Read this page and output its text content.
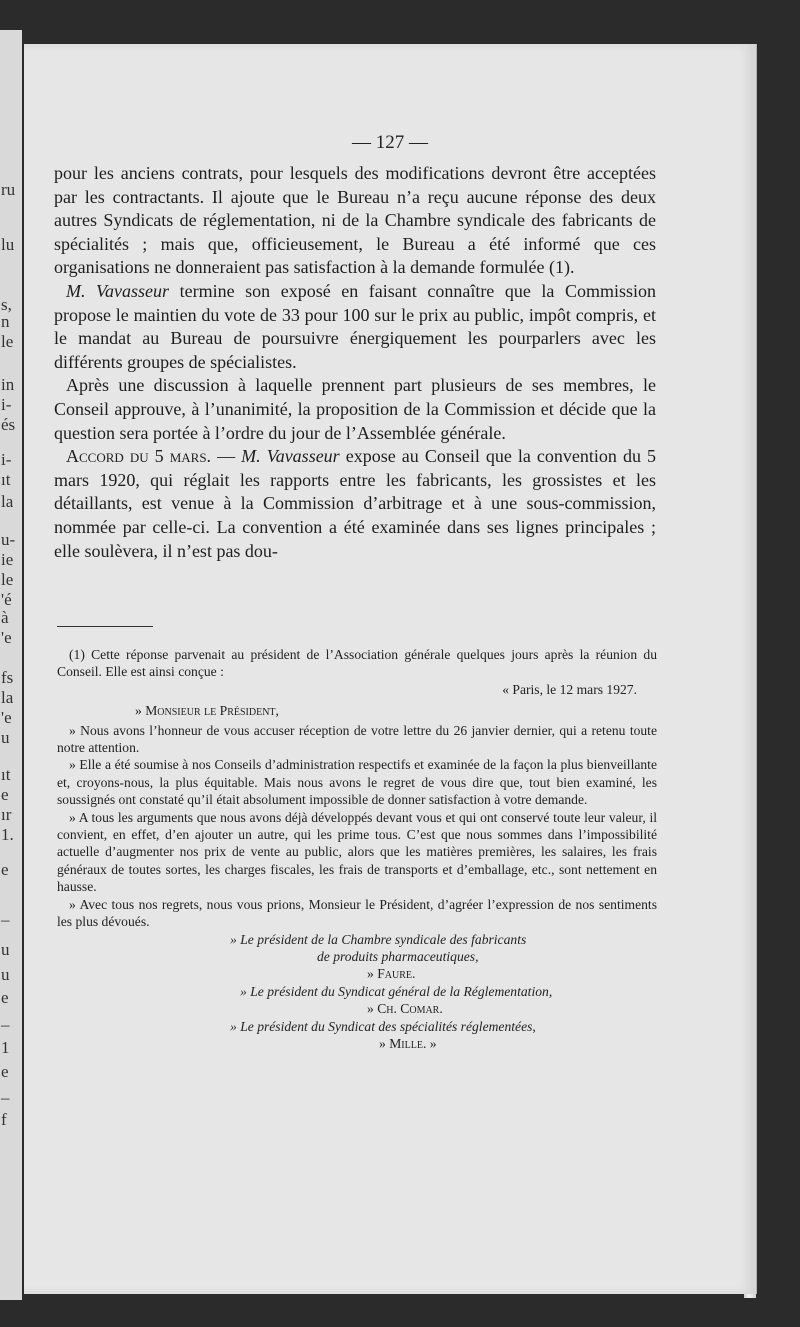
ru
lu
s,
n
le
in
i-
és
i-
ıt
la
u-
ie
le
'é
à
'e
fs
la
'e
u
ıt
e
ır
1.
e
–
u
u
e
–
1
e
–
f
— 127 —

pour les anciens contrats, pour lesquels des modifications devront être acceptées par les contractants. Il ajoute que le Bureau n’a reçu aucune réponse des deux autres Syndicats de réglementation, ni de la Chambre syndicale des fabricants de spécialités ; mais que, officieusement, le Bureau a été informé que ces organisations ne donneraient pas satisfaction à la demande formulée (1).

M. Vavasseur termine son exposé en faisant connaître que la Commission propose le maintien du vote de 33 pour 100 sur le prix au public, impôt compris, et le mandat au Bureau de poursuivre énergiquement les pourparlers avec les différents groupes de spécialistes.

Après une discussion à laquelle prennent part plusieurs de ses membres, le Conseil approuve, à l’unanimité, la proposition de la Commission et décide que la question sera portée à l’ordre du jour de l’Assemblée générale.

Accord du 5 mars. — M. Vavasseur expose au Conseil que la convention du 5 mars 1920, qui réglait les rapports entre les fabricants, les grossistes et les détaillants, est venue à la Commission d’arbitrage et à une sous-commission, nommée par celle-ci. La convention a été examinée dans ses lignes principales ; elle soulèvera, il n’est pas dou-

(1) Cette réponse parvenait au président de l’Association générale quelques jours après la réunion du Conseil. Elle est ainsi conçue :

« Paris, le 12 mars 1927.

» Monsieur le Président,

» Nous avons l’honneur de vous accuser réception de votre lettre du 26 janvier dernier, qui a retenu toute notre attention.

» Elle a été soumise à nos Conseils d’administration respectifs et examinée de la façon la plus bienveillante et, croyons-nous, la plus équitable. Mais nous avons le regret de vous dire que, tout bien examiné, les soussignés ont constaté qu’il était absolument impossible de donner satisfaction à votre demande.

» A tous les arguments que nous avons déjà développés devant vous et qui ont conservé toute leur valeur, il convient, en effet, d’en ajouter un autre, qui les prime tous. C’est que nous sommes dans l’impossibilité actuelle d’augmenter nos prix de vente au public, alors que les matières premières, les salaires, les frais généraux de toutes sortes, les charges fiscales, les frais de transports et d’emballage, etc., sont nettement en hausse.

» Avec tous nos regrets, nous vous prions, Monsieur le Président, d’agréer l’expression de nos sentiments les plus dévoués.

» Le président de la Chambre syndicale des fabricants

de produits pharmaceutiques,

» Faure.

» Le président du Syndicat général de la Réglementation,

» Ch. Comar.

» Le président du Syndicat des spécialités réglementées,

» Mille. »
